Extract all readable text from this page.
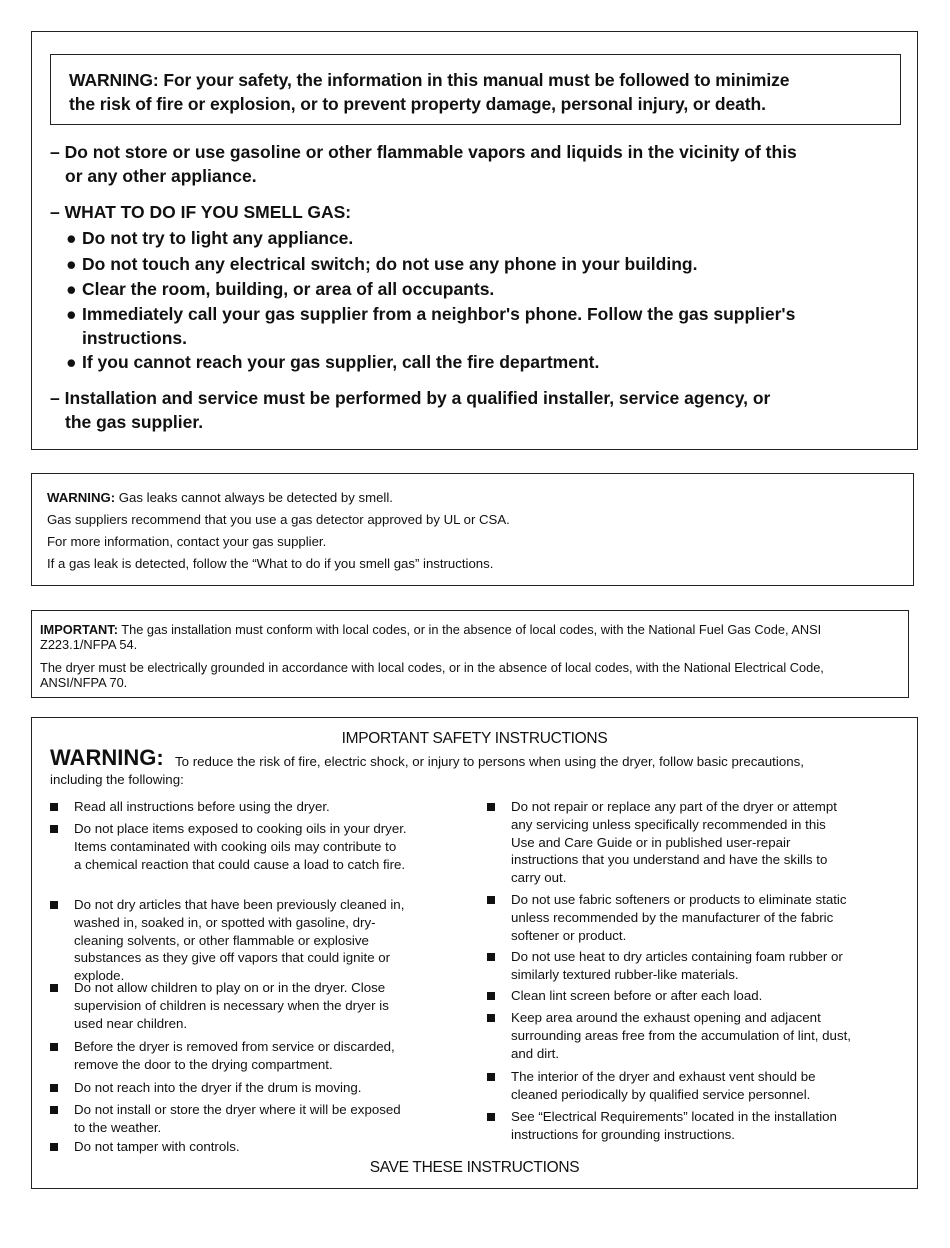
WARNING: For your safety, the information in this manual must be followed to minimize
the risk of fire or explosion, or to prevent property damage, personal injury, or death.
– Do not store or use gasoline or other flammable vapors and liquids in the vicinity of this
or any other appliance.
– WHAT TO DO IF YOU SMELL GAS:
● Do not try to light any appliance.
● Do not touch any electrical switch; do not use any phone in your building.
● Clear the room, building, or area of all occupants.
● Immediately call your gas supplier from a neighbor's phone. Follow the gas supplier's
instructions.
● If you cannot reach your gas supplier, call the fire department.
– Installation and service must be performed by a qualified installer, service agency, or
the gas supplier.
WARNING: Gas leaks cannot always be detected by smell.
Gas suppliers recommend that you use a gas detector approved by UL or CSA.
For more information, contact your gas supplier.
If a gas leak is detected, follow the “What to do if you smell gas” instructions.
IMPORTANT: The gas installation must conform with local codes, or in the absence of local codes, with the National Fuel Gas Code, ANSI Z223.1/NFPA 54.
The dryer must be electrically grounded in accordance with local codes, or in the absence of local codes, with the National Electrical Code, ANSI/NFPA 70.
IMPORTANT SAFETY INSTRUCTIONS
WARNING: To reduce the risk of fire, electric shock, or injury to persons when using the dryer, follow basic precautions,
including the following:
Read all instructions before using the dryer.
Do not place items exposed to cooking oils in your dryer.
Items contaminated with cooking oils may contribute to
a chemical reaction that could cause a load to catch fire.
Do not dry articles that have been previously cleaned in,
washed in, soaked in, or spotted with gasoline, dry-
cleaning solvents, or other flammable or explosive
substances as they give off vapors that could ignite or
explode.
Do not allow children to play on or in the dryer. Close
supervision of children is necessary when the dryer is
used near children.
Before the dryer is removed from service or discarded,
remove the door to the drying compartment.
Do not reach into the dryer if the drum is moving.
Do not install or store the dryer where it will be exposed
to the weather.
Do not tamper with controls.
Do not repair or replace any part of the dryer or attempt
any servicing unless specifically recommended in this
Use and Care Guide or in published user-repair
instructions that you understand and have the skills to
carry out.
Do not use fabric softeners or products to eliminate static
unless recommended by the manufacturer of the fabric
softener or product.
Do not use heat to dry articles containing foam rubber or
similarly textured rubber-like materials.
Clean lint screen before or after each load.
Keep area around the exhaust opening and adjacent
surrounding areas free from the accumulation of lint, dust,
and dirt.
The interior of the dryer and exhaust vent should be
cleaned periodically by qualified service personnel.
See “Electrical Requirements” located in the installation
instructions for grounding instructions.
SAVE THESE INSTRUCTIONS
